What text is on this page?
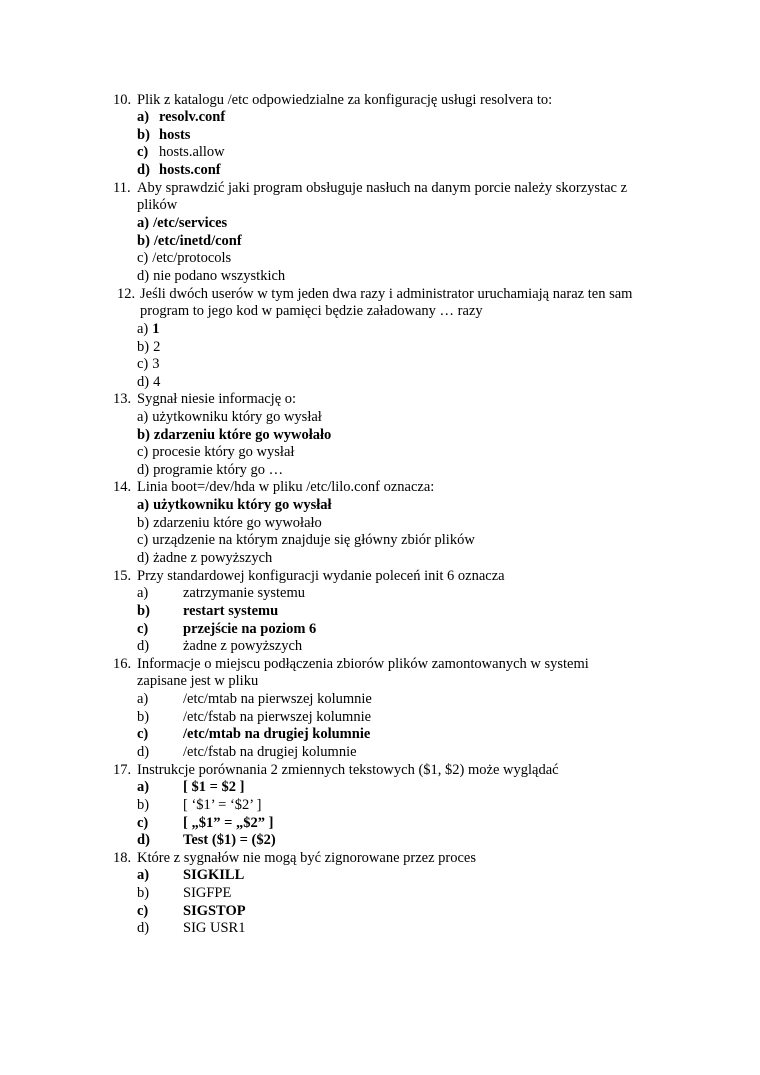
10. Plik z katalogu /etc odpowiedzialne za konfigurację usługi resolvera to:
a) resolv.conf
b) hosts
c) hosts.allow
d) hosts.conf
11. Aby sprawdzić jaki program obsługuje nasłuch na danym porcie należy skorzystac z
plików
a) /etc/services
b) /etc/inetd/conf
c) /etc/protocols
d) nie podano wszystkich
12. Jeśli dwóch userów w tym jeden dwa razy i administrator uruchamiają naraz ten sam
program to jego kod w pamięci będzie załadowany … razy
a) 1
b) 2
c) 3
d) 4
13. Sygnał niesie informację o:
a) użytkowniku który go wysłał
b) zdarzeniu które go wywołało
c) procesie który go wysłał
d) programie który go …
14. Linia boot=/dev/hda w pliku /etc/lilo.conf oznacza:
a) użytkowniku który go wysłał
b) zdarzeniu które go wywołało
c) urządzenie na którym znajduje się główny zbiór plików
d) żadne z powyższych
15. Przy standardowej konfiguracji wydanie poleceń init 6 oznacza
a) zatrzymanie systemu
b) restart systemu
c) przejście na poziom 6
d) żadne z powyższych
16. Informacje o miejscu podłączenia zbiorów plików zamontowanych w systemi
zapisane jest w pliku
a) /etc/mtab na pierwszej kolumnie
b) /etc/fstab na pierwszej kolumnie
c) /etc/mtab na drugiej kolumnie
d) /etc/fstab na drugiej kolumnie
17. Instrukcje porównania 2 zmiennych tekstowych ($1, $2) może wyglądać
a) [ $1 = $2 ]
b) [ ‘$1’ = ‘$2’ ]
c) [ „$1” = „$2” ]
d) Test ($1) = ($2)
18. Które z sygnałów nie mogą być zignorowane przez proces
a) SIGKILL
b) SIGFPE
c) SIGSTOP
d) SIG USR1
